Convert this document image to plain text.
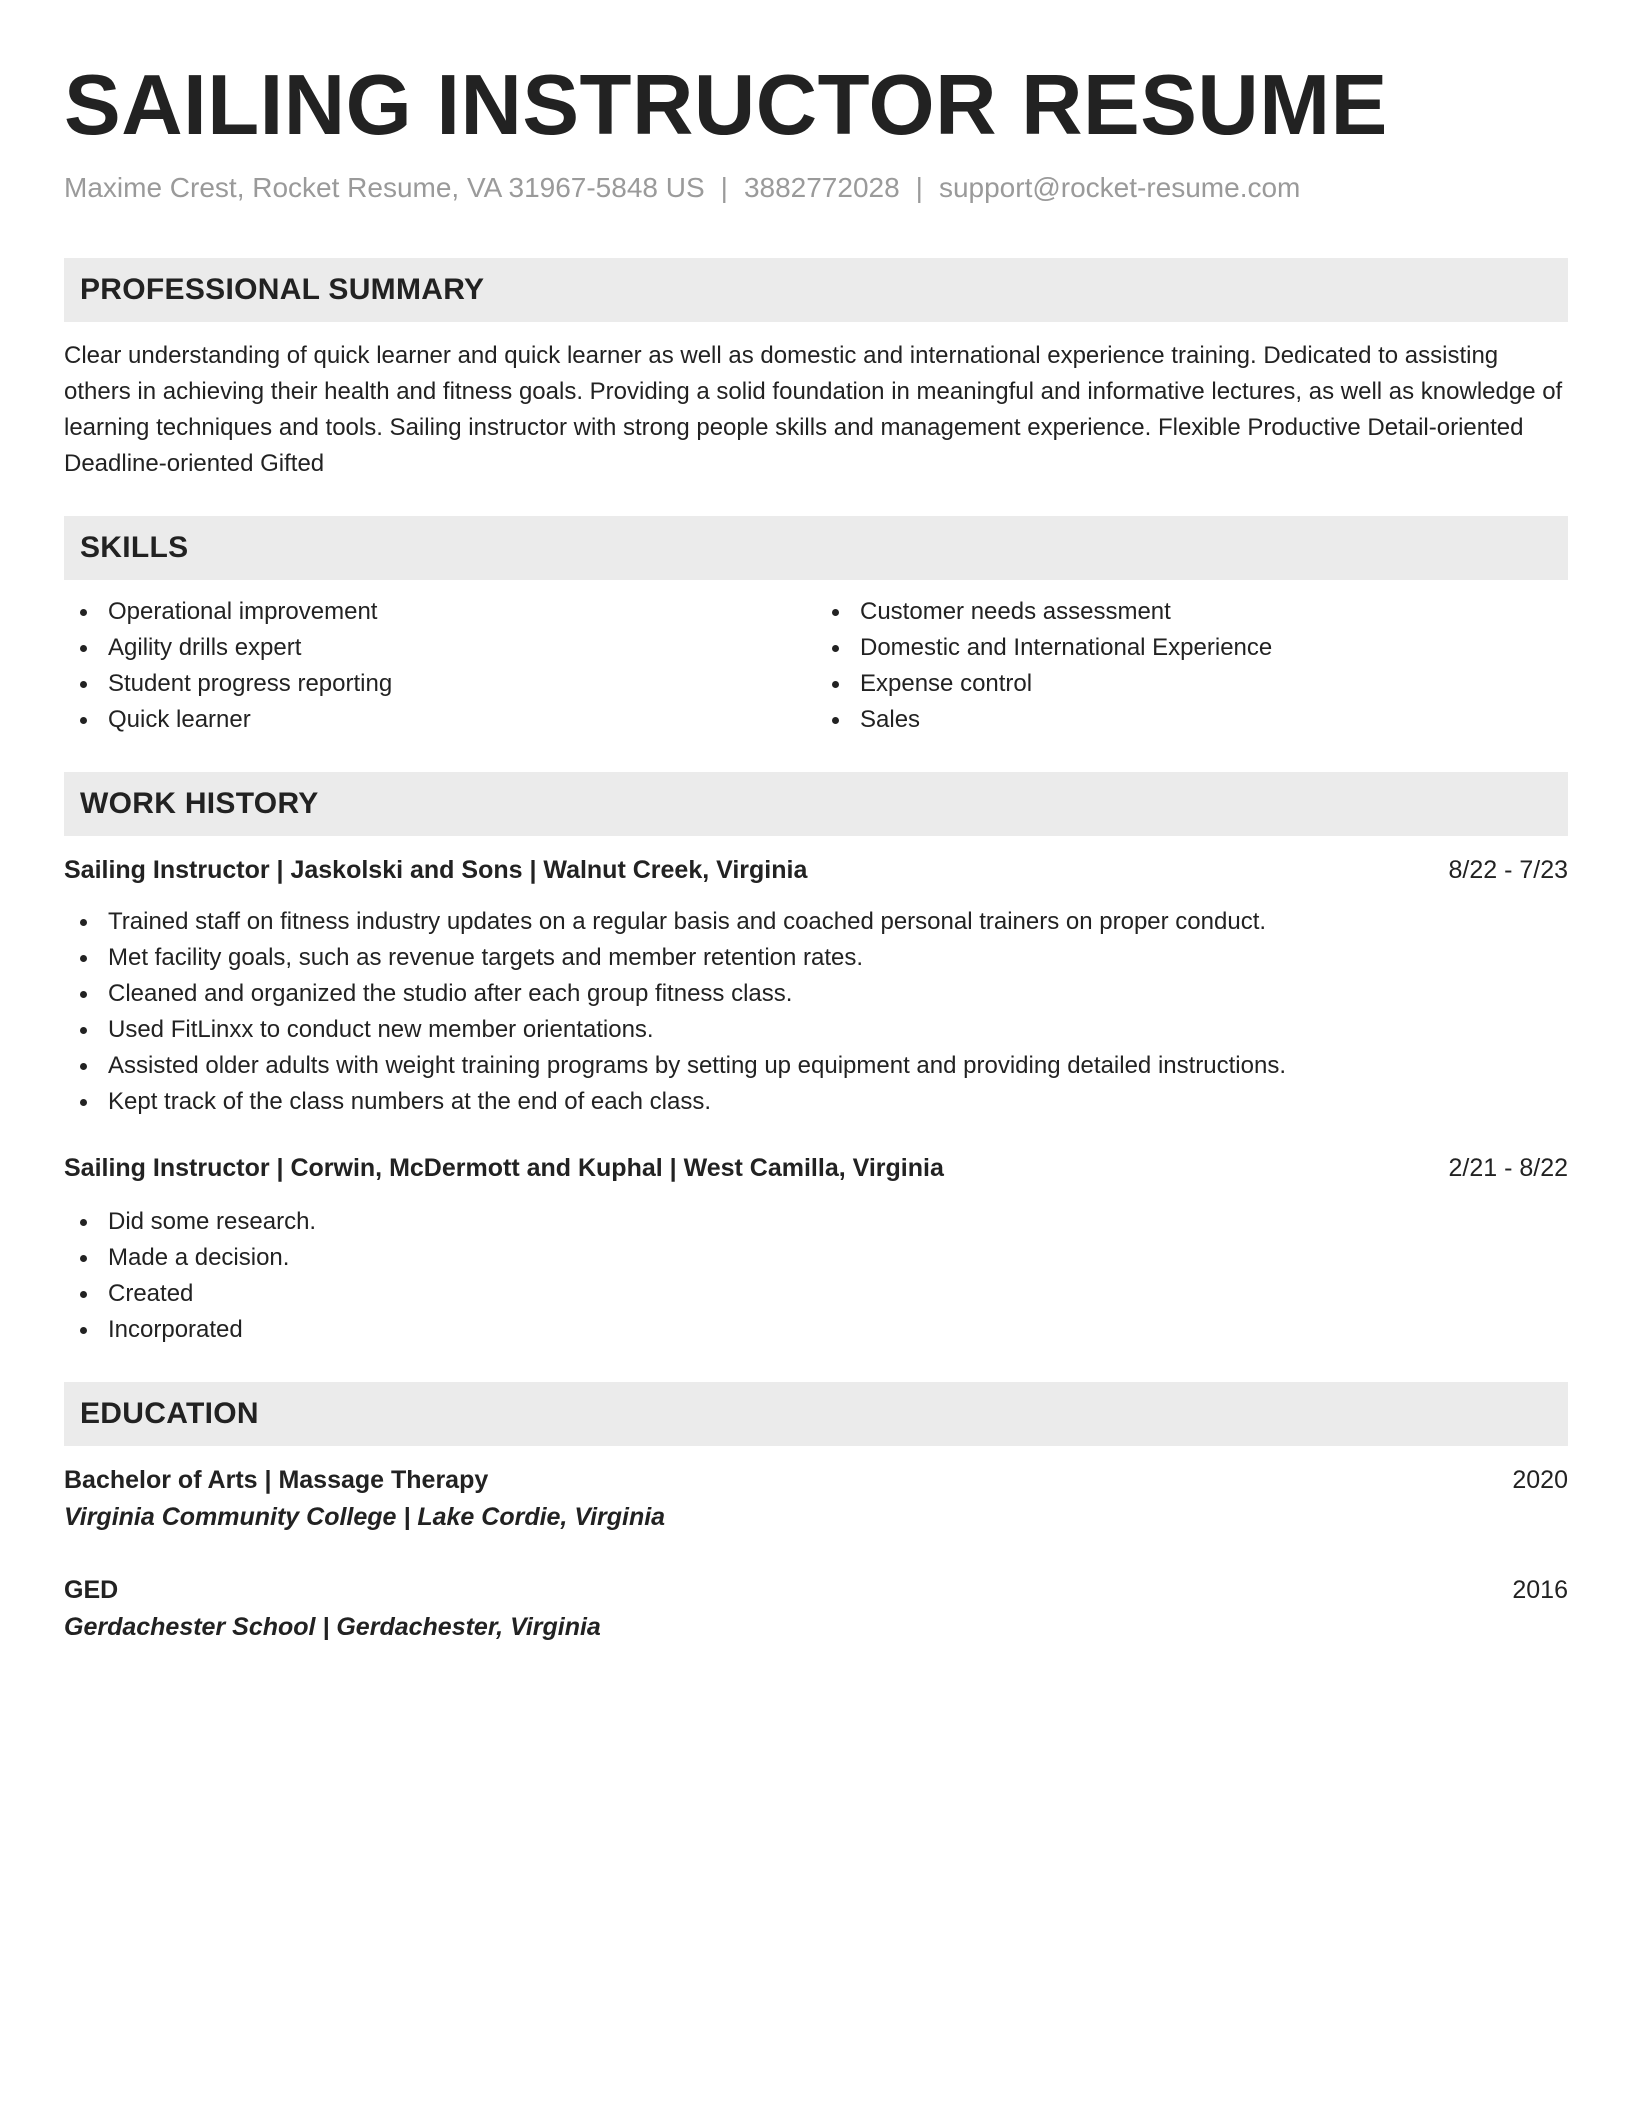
SAILING INSTRUCTOR RESUME
Maxime Crest, Rocket Resume, VA 31967-5848 US | 3882772028 | support@rocket-resume.com
PROFESSIONAL SUMMARY
Clear understanding of quick learner and quick learner as well as domestic and international experience training. Dedicated to assisting others in achieving their health and fitness goals. Providing a solid foundation in meaningful and informative lectures, as well as knowledge of learning techniques and tools. Sailing instructor with strong people skills and management experience. Flexible Productive Detail-oriented Deadline-oriented Gifted
SKILLS
Operational improvement
Agility drills expert
Student progress reporting
Quick learner
Customer needs assessment
Domestic and International Experience
Expense control
Sales
WORK HISTORY
Sailing Instructor | Jaskolski and Sons | Walnut Creek, Virginia	8/22 - 7/23
Trained staff on fitness industry updates on a regular basis and coached personal trainers on proper conduct.
Met facility goals, such as revenue targets and member retention rates.
Cleaned and organized the studio after each group fitness class.
Used FitLinxx to conduct new member orientations.
Assisted older adults with weight training programs by setting up equipment and providing detailed instructions.
Kept track of the class numbers at the end of each class.
Sailing Instructor | Corwin, McDermott and Kuphal | West Camilla, Virginia	2/21 - 8/22
Did some research.
Made a decision.
Created
Incorporated
EDUCATION
Bachelor of Arts | Massage Therapy	2020
Virginia Community College | Lake Cordie, Virginia
GED	2016
Gerdachester School | Gerdachester, Virginia
